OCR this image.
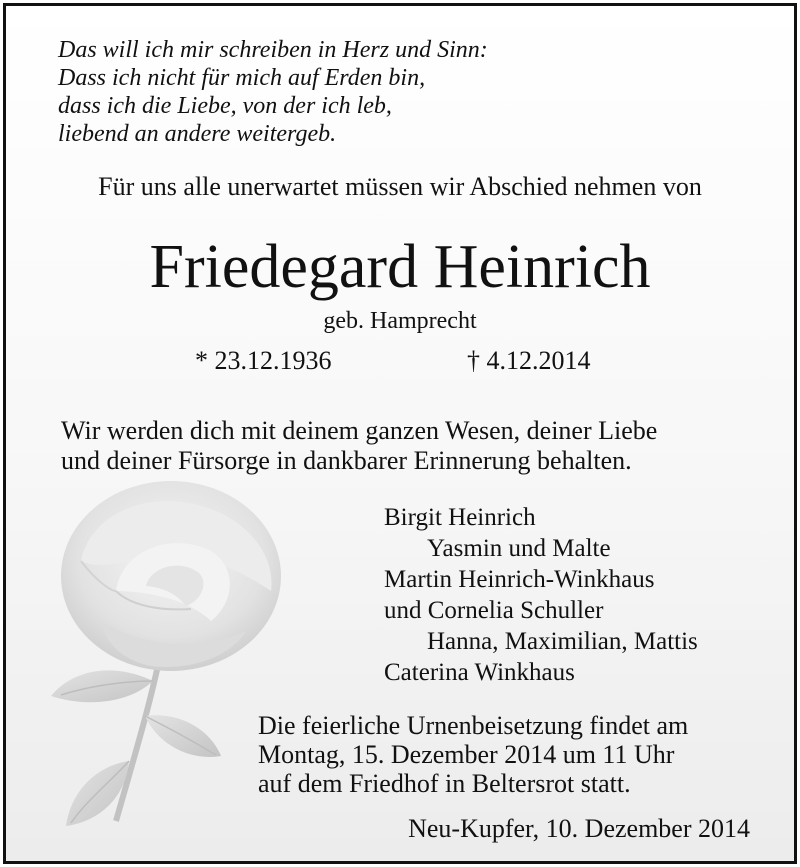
Das will ich mir schreiben in Herz und Sinn:
Dass ich nicht für mich auf Erden bin,
dass ich die Liebe, von der ich leb,
liebend an andere weitergeb.
Für uns alle unerwartet müssen wir Abschied nehmen von
Friedegard Heinrich
geb. Hamprecht
* 23.12.1936	† 4.12.2014
Wir werden dich mit deinem ganzen Wesen, deiner Liebe
und deiner Fürsorge in dankbarer Erinnerung behalten.
Birgit Heinrich
Yasmin und Malte
Martin Heinrich-Winkhaus
und Cornelia Schuller
Hanna, Maximilian, Mattis
Caterina Winkhaus
Die feierliche Urnenbeisetzung findet am
Montag, 15. Dezember 2014 um 11 Uhr
auf dem Friedhof in Beltersrot statt.
Neu-Kupfer, 10. Dezember 2014
